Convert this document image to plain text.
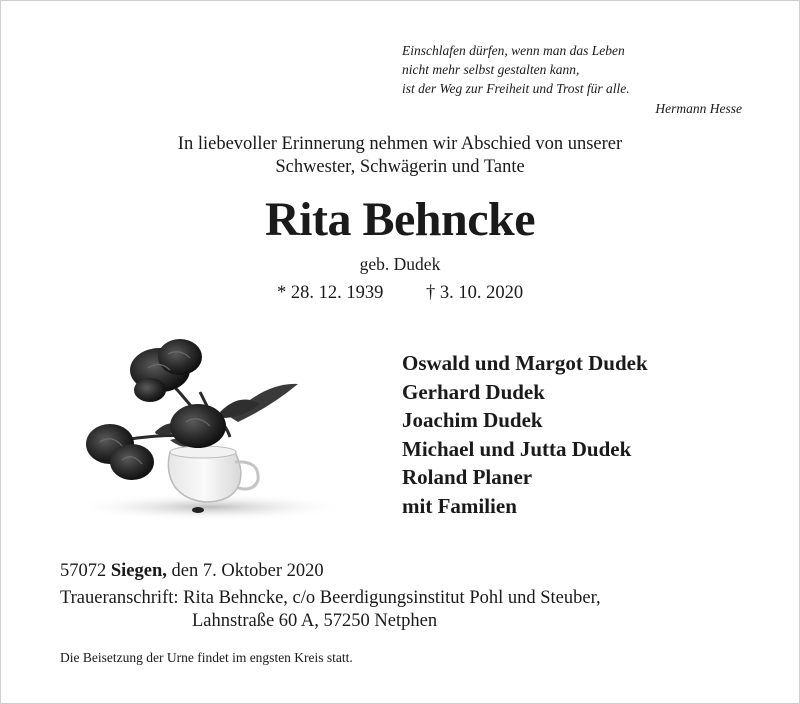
Einschlafen dürfen, wenn man das Leben
nicht mehr selbst gestalten kann,
ist der Weg zur Freiheit und Trost für alle.
Hermann Hesse
In liebevoller Erinnerung nehmen wir Abschied von unserer
Schwester, Schwägerin und Tante
Rita Behncke
geb. Dudek
* 28. 12. 1939 † 3. 10. 2020
Oswald und Margot Dudek
Gerhard Dudek
Joachim Dudek
Michael und Jutta Dudek
Roland Planer
mit Familien
57072 Siegen, den 7. Oktober 2020
Traueranschrift: Rita Behncke, c/o Beerdigungsinstitut Pohl und Steuber,
Lahnstraße 60 A, 57250 Netphen
Die Beisetzung der Urne findet im engsten Kreis statt.
